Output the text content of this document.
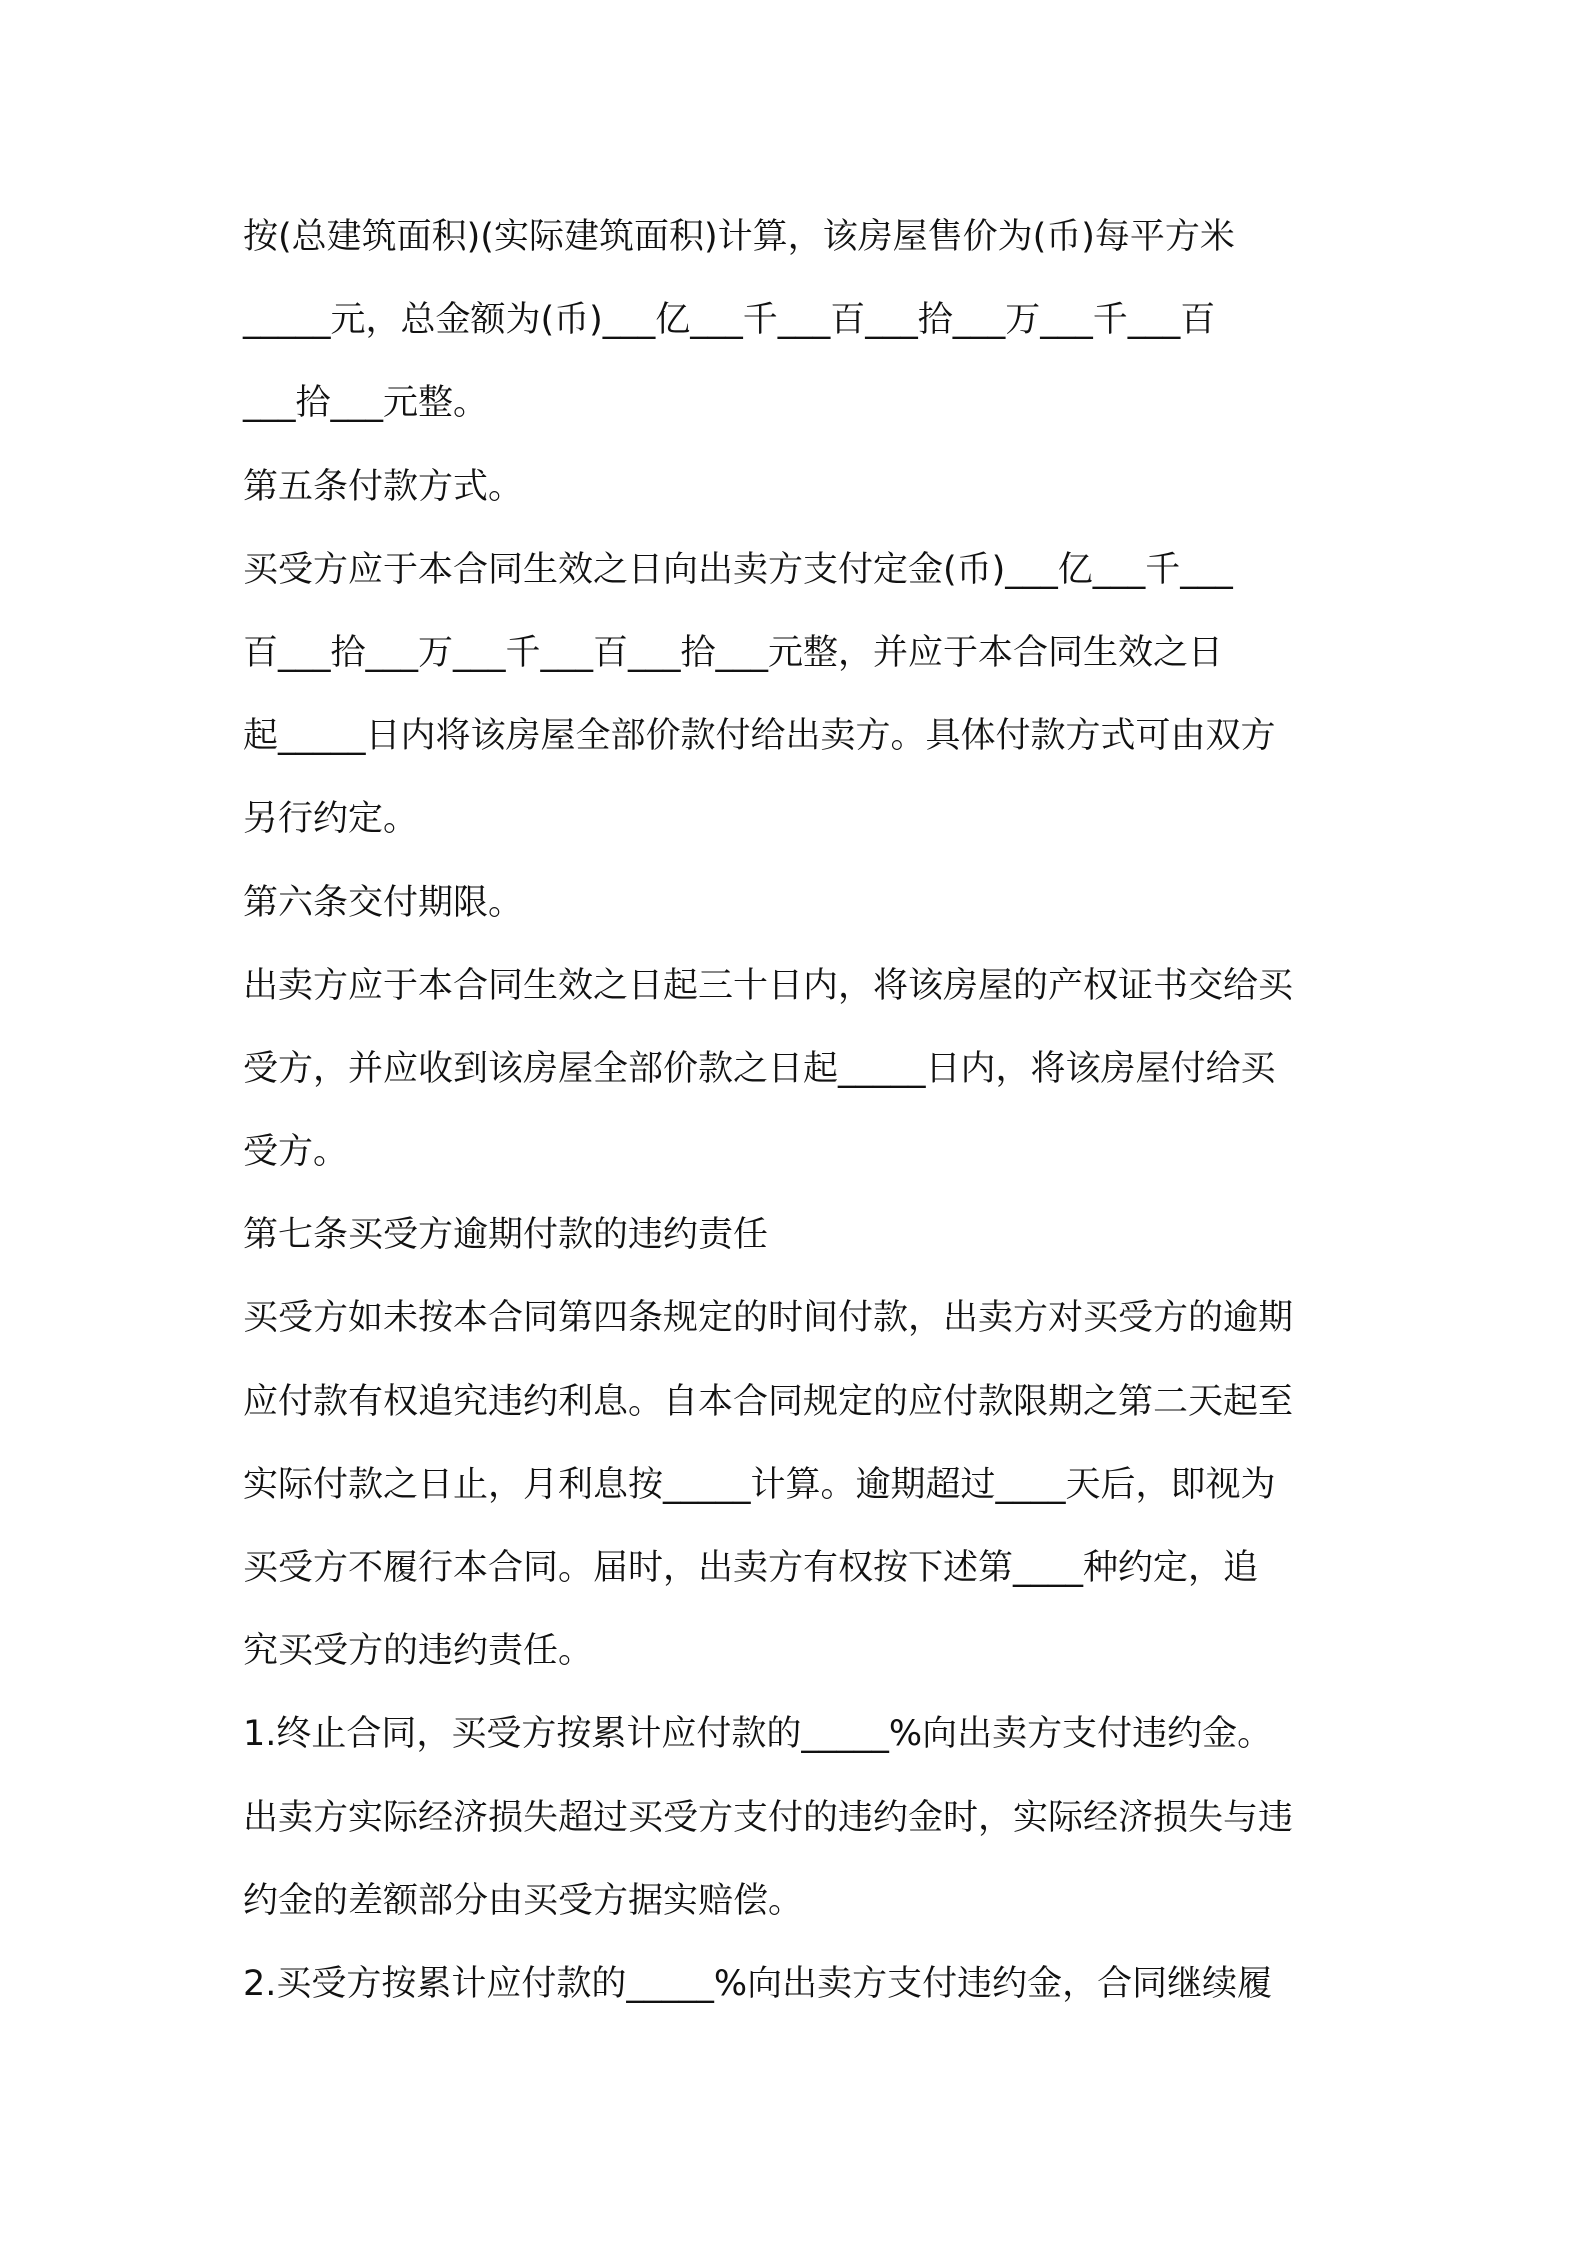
按(总建筑面积)(实际建筑面积)计算，该房屋售价为(币)每平方米
_____元，总金额为(币)___亿___千___百___拾___万___千___百
___拾___元整。
第五条付款方式。
买受方应于本合同生效之日向出卖方支付定金(币)___亿___千___
百___拾___万___千___百___拾___元整，并应于本合同生效之日
起_____日内将该房屋全部价款付给出卖方。具体付款方式可由双方
另行约定。
第六条交付期限。
出卖方应于本合同生效之日起三十日内，将该房屋的产权证书交给买
受方，并应收到该房屋全部价款之日起_____日内，将该房屋付给买
受方。
第七条买受方逾期付款的违约责任
买受方如未按本合同第四条规定的时间付款，出卖方对买受方的逾期
应付款有权追究违约利息。自本合同规定的应付款限期之第二天起至
实际付款之日止，月利息按_____计算。逾期超过____天后，即视为
买受方不履行本合同。届时，出卖方有权按下述第____种约定，追
究买受方的违约责任。
1.终止合同，买受方按累计应付款的_____%向出卖方支付违约金。
出卖方实际经济损失超过买受方支付的违约金时，实际经济损失与违
约金的差额部分由买受方据实赔偿。
2.买受方按累计应付款的_____%向出卖方支付违约金，合同继续履
